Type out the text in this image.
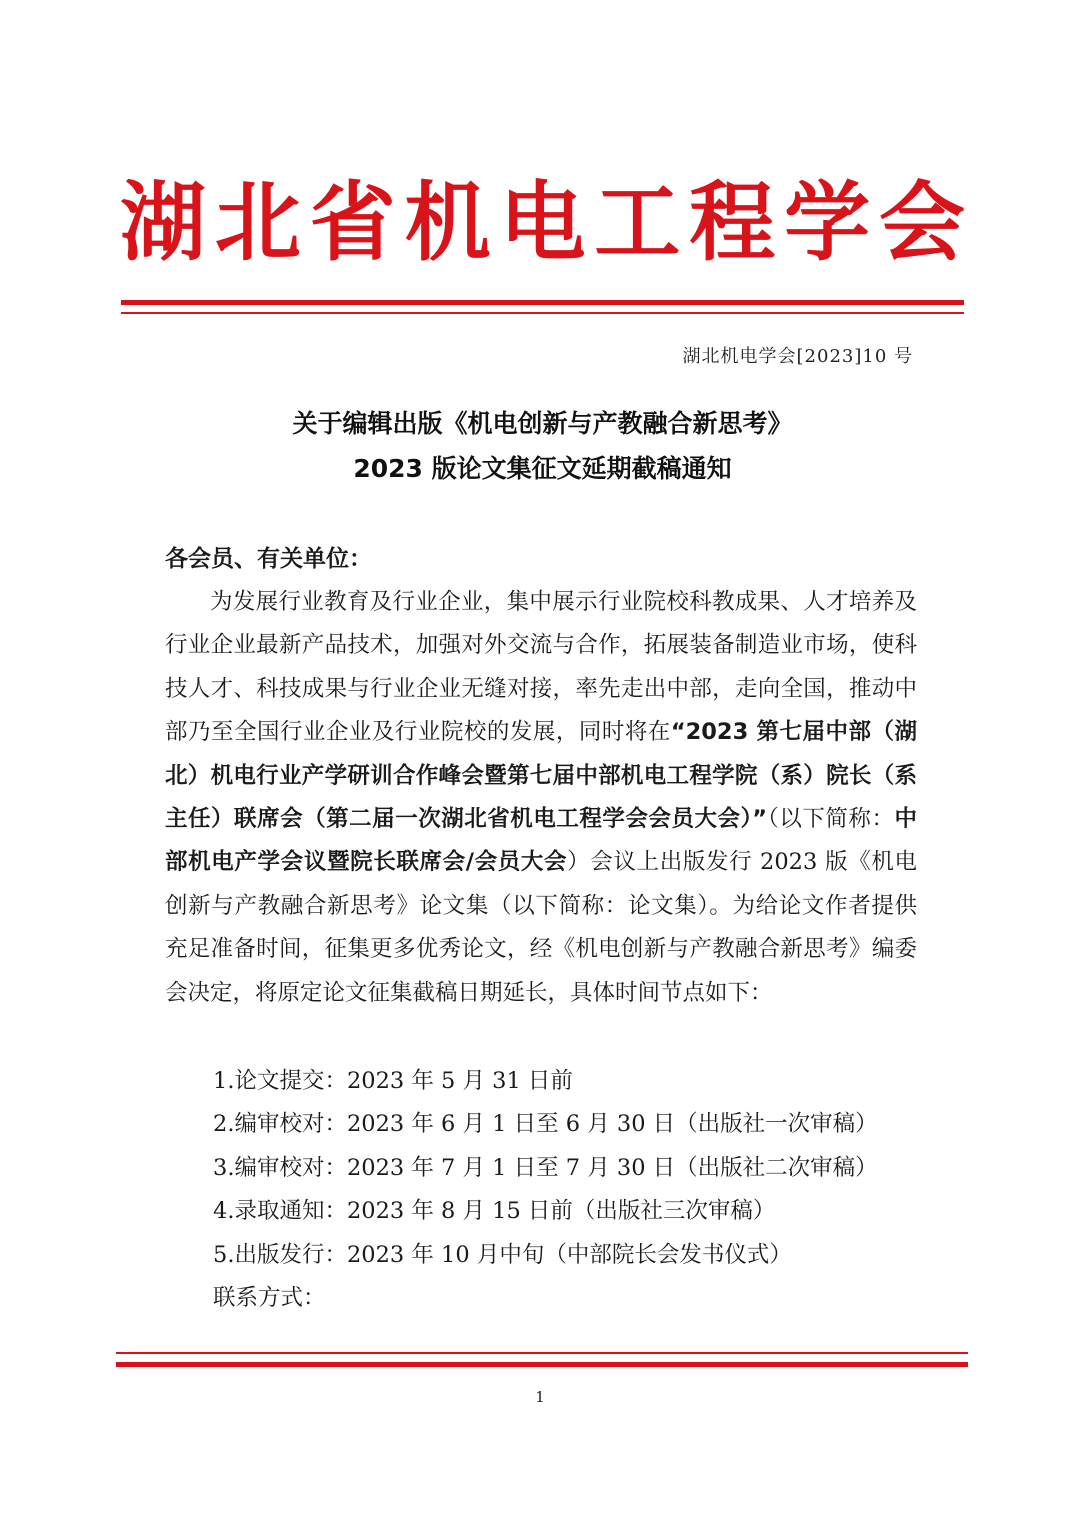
湖 北 省 机 电 工 程 学 会
湖北机电学会[2023]10 号
关于编辑出版《机电创新与产教融合新思考》
2023 版论文集征文延期截稿通知
各会员、有关单位：
为发展行业教育及行业企业，集中展示行业院校科教成果、人才培养及行业企业最新产品技术，加强对外交流与合作，拓展装备制造业市场，使科技人才、科技成果与行业企业无缝对接，率先走出中部，走向全国，推动中部乃至全国行业企业及行业院校的发展，同时将在“2023 第七届中部（湖北）机电行业产学研训合作峰会暨第七届中部机电工程学院（系）院长（系主任）联席会（第二届一次湖北省机电工程学会会员大会）”（以下简称：中部机电产学会议暨院长联席会/会员大会）会议上出版发行 2023 版《机电创新与产教融合新思考》论文集（以下简称：论文集）。为给论文作者提供充足准备时间，征集更多优秀论文，经《机电创新与产教融合新思考》编委会决定，将原定论文征集截稿日期延长，具体时间节点如下：
1.论文提交：2023 年 5 月 31 日前
2.编审校对：2023 年 6 月 1 日至 6 月 30 日（出版社一次审稿）
3.编审校对：2023 年 7 月 1 日至 7 月 30 日（出版社二次审稿）
4.录取通知：2023 年 8 月 15 日前（出版社三次审稿）
5.出版发行：2023 年 10 月中旬（中部院长会发书仪式）
联系方式：
1
